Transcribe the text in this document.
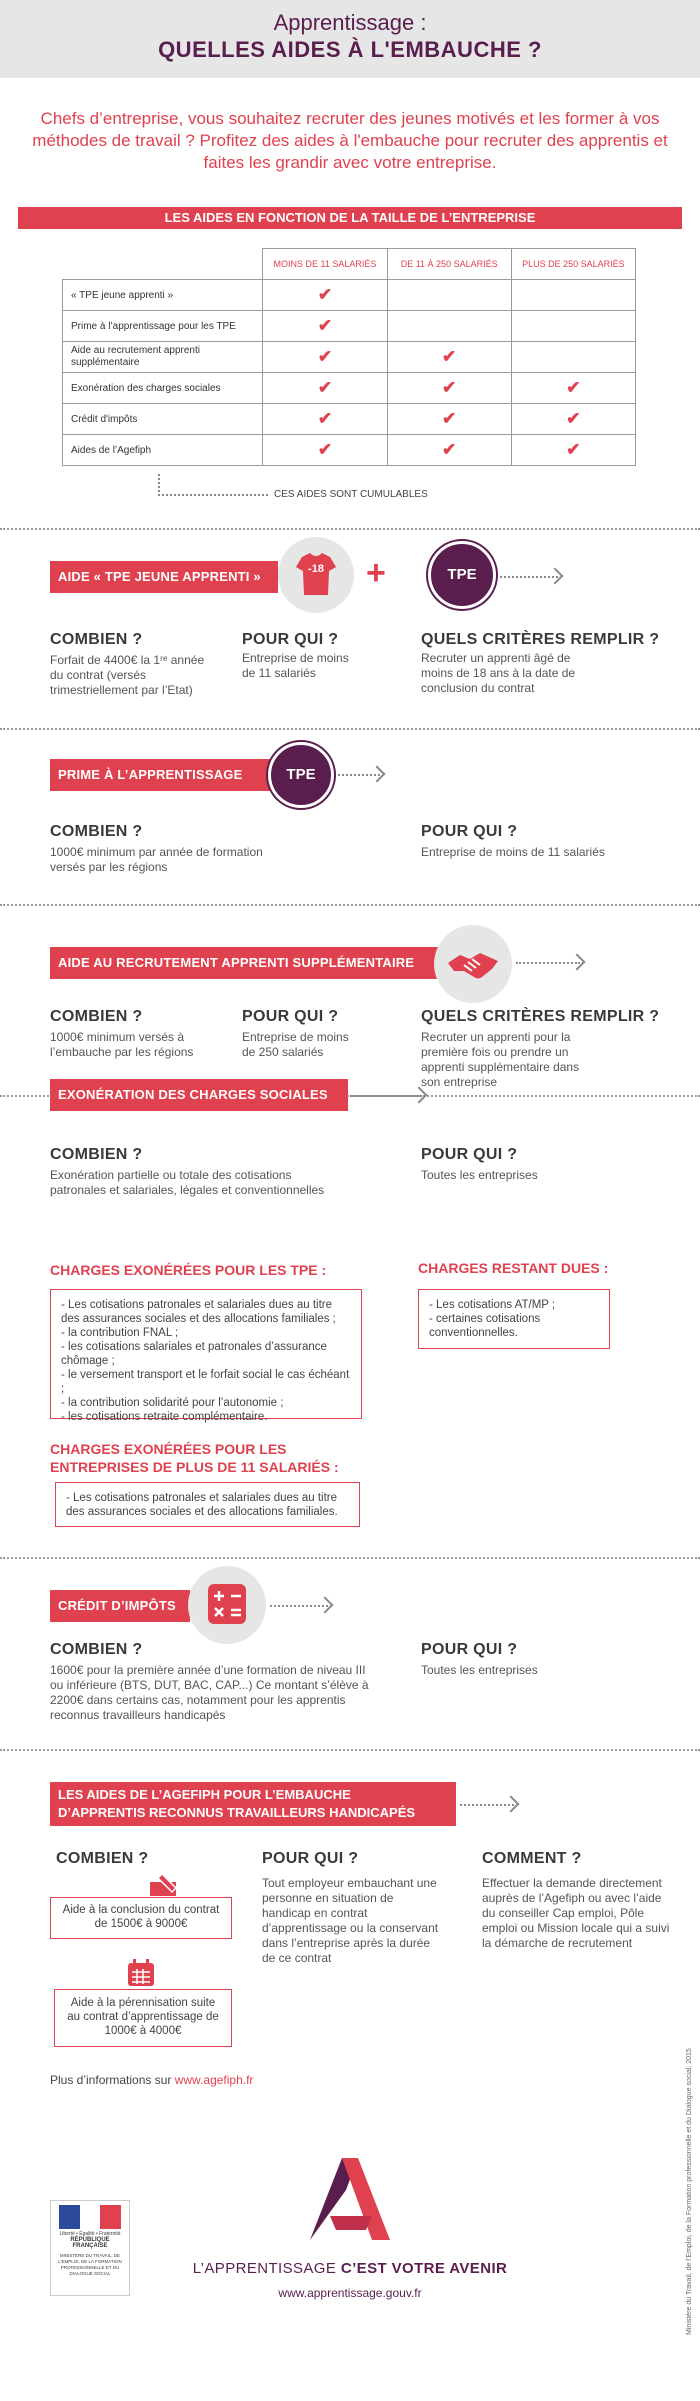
Apprentissage :
QUELLES AIDES À L'EMBAUCHE ?
Chefs d’entreprise, vous souhaitez recruter des jeunes motivés et les former à vos méthodes de travail ? Profitez des aides à l'embauche pour recruter des apprentis et faites les grandir avec votre entreprise.
LES AIDES EN FONCTION DE LA TAILLE DE L’ENTREPRISE
	MOINS DE 11 SALARIÉS	DE 11 À 250 SALARIÉS	PLUS DE 250 SALARIÉS
« TPE jeune apprenti »	✔		
Prime à l’apprentissage pour les TPE	✔		
Aide au recrutement apprenti supplémentaire	✔	✔	
Exonération des charges sociales	✔	✔	✔
Crédit d'impôts	✔	✔	✔
Aides de l’Agefiph	✔	✔	✔
CES AIDES SONT CUMULABLES
AIDE « TPE JEUNE APPRENTI »	-18	+	TPE
COMBIEN ?
Forfait de 4400€ la 1ʳᵉ année du contrat (versés trimestriellement par l’Etat)
POUR QUI ?
Entreprise de moins de 11 salariés
QUELS CRITÈRES REMPLIR ?
Recruter un apprenti âgé de moins de 18 ans à la date de conclusion du contrat
PRIME À L’APPRENTISSAGE	TPE
COMBIEN ?
1000€ minimum par année de formation versés par les régions
POUR QUI ?
Entreprise de moins de 11 salariés
AIDE AU RECRUTEMENT APPRENTI SUPPLÉMENTAIRE
COMBIEN ?
1000€ minimum versés à l’embauche par les régions
POUR QUI ?
Entreprise de moins de 250 salariés
QUELS CRITÈRES REMPLIR ?
Recruter un apprenti pour la première fois ou prendre un apprenti supplémentaire dans son entreprise
EXONÉRATION DES CHARGES SOCIALES
COMBIEN ?
Exonération partielle ou totale des cotisations patronales et salariales, légales et conventionnelles
POUR QUI ?
Toutes les entreprises
CHARGES EXONÉRÉES POUR LES TPE :
- Les cotisations patronales et salariales dues au titre des assurances sociales et des allocations familiales ;
- la contribution FNAL ;
- les cotisations salariales et patronales d’assurance chômage ;
- le versement transport et le forfait social le cas échéant ;
- la contribution solidarité pour l’autonomie ;
- les cotisations retraite complémentaire.
CHARGES RESTANT DUES :
- Les cotisations AT/MP ;
- certaines cotisations conventionnelles.
CHARGES EXONÉRÉES POUR LES ENTREPRISES DE PLUS DE 11 SALARIÉS :
- Les cotisations patronales et salariales dues au titre des assurances sociales et des allocations familiales.
CRÉDIT D’IMPÔTS
COMBIEN ?
1600€ pour la première année d’une formation de niveau III ou inférieure (BTS, DUT, BAC, CAP...) Ce montant s’élève à 2200€ dans certains cas, notamment pour les apprentis reconnus travailleurs handicapés
POUR QUI ?
Toutes les entreprises
LES AIDES DE L’AGEFIPH POUR L’EMBAUCHE
D’APPRENTIS RECONNUS TRAVAILLEURS HANDICAPÉS
COMBIEN ?
Aide à la conclusion du contrat de 1500€ à 9000€
Aide à la pérennisation suite au contrat d’apprentissage de 1000€ à 4000€
POUR QUI ?
Tout employeur embauchant une personne en situation de handicap en contrat d’apprentissage ou la conservant dans l’entreprise après la durée de ce contrat
COMMENT ?
Effectuer la demande directement auprès de l’Agefiph ou avec l’aide du conseiller Cap emploi, Pôle emploi ou Mission locale qui a suivi la démarche de recrutement
Plus d’informations sur www.agefiph.fr
Liberté • Égalité • Fraternité
RÉPUBLIQUE FRANÇAISE
MINISTÈRE DU TRAVAIL, DE L’EMPLOI, DE LA FORMATION PROFESSIONNELLE ET DU DIALOGUE SOCIAL	L’APPRENTISSAGE C’EST VOTRE AVENIR
www.apprentissage.gouv.fr	Ministère du Travail, de l’Emploi, de la Formation professionnelle et du Dialogue social, 2015
